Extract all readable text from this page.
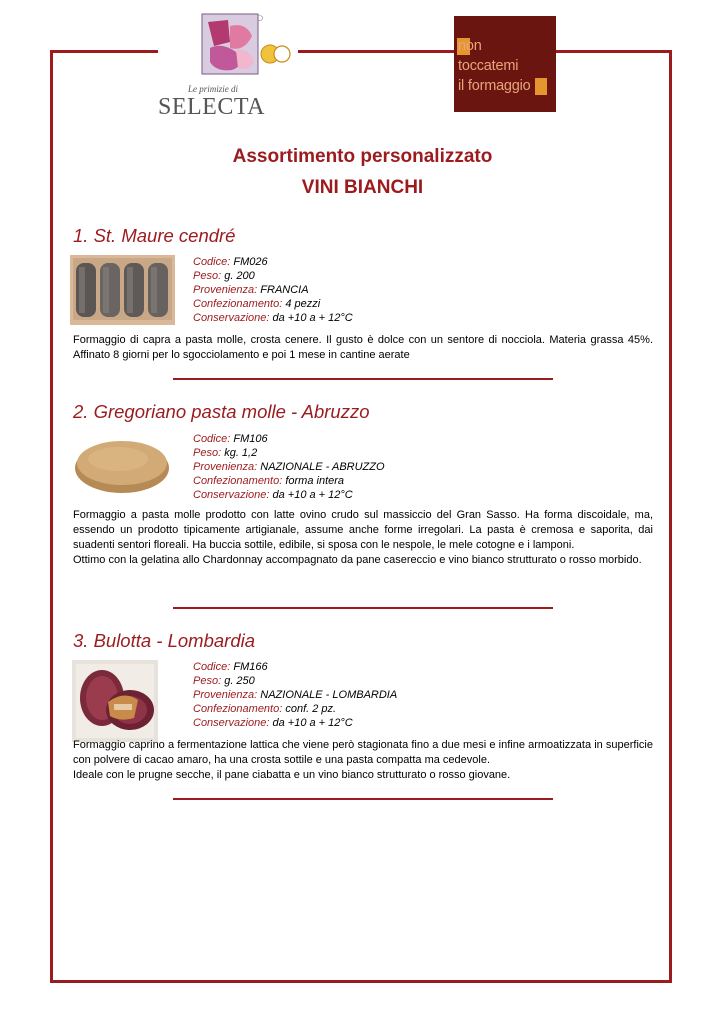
Le primizie di
SELECTA
non
toccatemi
il formaggio
Assortimento personalizzato
VINI BIANCHI
1. St. Maure cendré
Codice: FM026
Peso: g. 200
Provenienza: FRANCIA
Confezionamento: 4 pezzi
Conservazione: da +10 a + 12°C

Formaggio di capra a pasta molle, crosta cenere. Il gusto è dolce con un sentore di nocciola. Materia grassa 45%. Affinato 8 giorni per lo sgocciolamento e poi 1 mese in cantine aerate

2. Gregoriano pasta molle - Abruzzo
Codice: FM106
Peso: kg. 1,2
Provenienza: NAZIONALE - ABRUZZO
Confezionamento: forma intera
Conservazione: da +10 a + 12°C

Formaggio a pasta molle prodotto con latte ovino crudo sul massiccio del Gran Sasso. Ha forma discoidale, ma, essendo un prodotto tipicamente artigianale, assume anche forme irregolari. La pasta è cremosa e saporita, dai suadenti sentori floreali. Ha buccia sottile, edibile, si sposa con le nespole, le mele cotogne e i lamponi.

Ottimo con la gelatina allo Chardonnay accompagnato da pane casereccio e vino bianco strutturato o rosso morbido.

3. Bulotta - Lombardia
Codice: FM166
Peso: g. 250
Provenienza: NAZIONALE - LOMBARDIA
Confezionamento: conf. 2 pz.
Conservazione: da +10 a + 12°C

Formaggio caprino a fermentazione lattica che viene però stagionata fino a due mesi e infine armoatizzata in superficie con polvere di cacao amaro, ha una crosta sottile e una pasta compatta ma cedevole.

Ideale con le prugne secche, il pane ciabatta e un vino bianco strutturato o rosso giovane.
